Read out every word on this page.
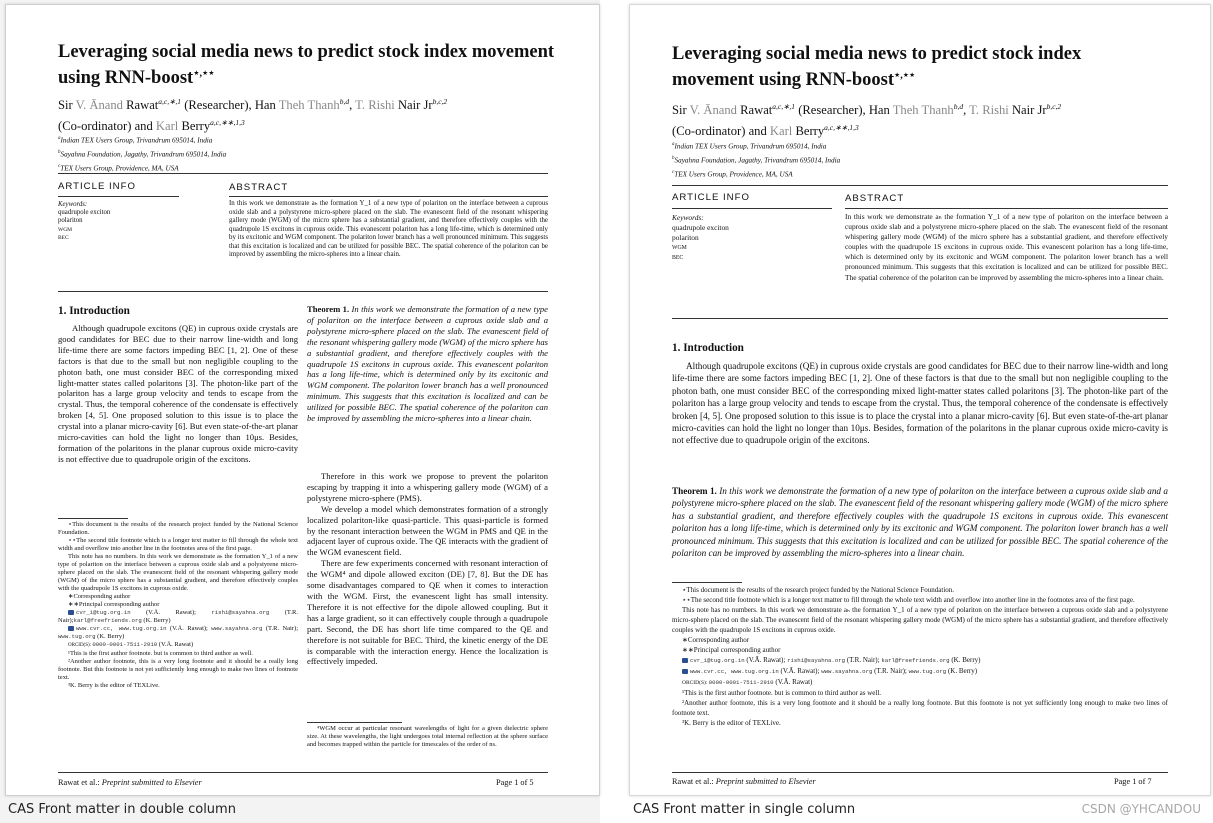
Leveraging social media news to predict stock index movement using RNN-boost⋆,⋆⋆
Sir V. Ānand Rawat$^{a,c,∗,1}$ (Researcher), Han Theh Thanh$^{b,d}$, T. Rishi Nair Jr$^{b,c,2}$
(Co-ordinator) and Karl Berry$^{a,c,∗∗,1,3}$
$^a$Indian TEX Users Group, Trivandrum 695014, India
$^b$Sayahna Foundation, Jagathy, Trivandrum 695014, India
$^c$TEX Users Group, Providence, MA, USA
ARTICLE INFO	ABSTRACT
Keywords:
quadrupole exciton
polariton
WGM
BEC
In this work we demonstrate aₕ the formation Y_1 of a new type of polariton on the interface between a cuprous oxide slab and a polystyrene micro-sphere placed on the slab. The evanescent field of the resonant whispering gallery mode (WGM) of the micro sphere has a substantial gradient, and therefore effectively couples with the quadrupole 1S excitons in cuprous oxide. This evanescent polariton has a long life-time, which is determined only by its excitonic and WGM component. The polariton lower branch has a well pronounced minimum. This suggests that this excitation is localized and can be utilized for possible BEC. The spatial coherence of the polariton can be improved by assembling the micro-spheres into a linear chain.
1. Introduction

Although quadrupole excitons (QE) in cuprous oxide crystals are good candidates for BEC due to their narrow line-width and long life-time there are some factors impeding BEC [1, 2]. One of these factors is that due to the small but non negligible coupling to the photon bath, one must consider BEC of the corresponding mixed light-matter states called polaritons [3]. The photon-like part of the polariton has a large group velocity and tends to escape from the crystal. Thus, the temporal coherence of the condensate is effectively broken [4, 5]. One proposed solution to this issue is to place the crystal into a planar micro-cavity [6]. But even state-of-the-art planar micro-cavities can hold the light no longer than 10μs. Besides, formation of the polaritons in the planar cuprous oxide micro-cavity is not effective due to quadrupole origin of the excitons.

⋆This document is the results of the research project funded by the National Science Foundation.
⋆⋆The second title footnote which is a longer text matter to fill through the whole text width and overflow into another line in the footnotes area of the first page.
This note has no numbers. In this work we demonstrate aₕ the formation Y_1 of a new type of polariton on the interface between a cuprous oxide slab and a polystyrene micro-sphere placed on the slab. The evanescent field of the resonant whispering gallery mode (WGM) of the micro sphere has a substantial gradient, and therefore effectively couples with the quadrupole 1S excitons in cuprous oxide.
∗Corresponding author
∗∗Principal corresponding author
cvr_1@tug.org.in (V.Ā. Rawat); rishi@sayahna.org (T.R. Nair);karl@freefriends.org (K. Berry)
www.cvr.cc, www.tug.org.in (V.Ā. Rawat); www.sayahna.org (T.R. Nair); www.tug.org (K. Berry)
ORCID(S): 0000-0001-7511-2910 (V.Ā. Rawat)
¹This is the first author footnote. but is common to third author as well.
²Another author footnote, this is a very long footnote and it should be a really long footnote. But this footnote is not yet sufficiently long enough to make two lines of footnote text.
³K. Berry is the editor of TEXLive.
Theorem 1. In this work we demonstrate the formation of a new type of polariton on the interface between a cuprous oxide slab and a polystyrene micro-sphere placed on the slab. The evanescent field of the resonant whispering gallery mode (WGM) of the micro sphere has a substantial gradient, and therefore effectively couples with the quadrupole 1S excitons in cuprous oxide. This evanescent polariton has a long life-time, which is determined only by its excitonic and WGM component. The polariton lower branch has a well pronounced minimum. This suggests that this excitation is localized and can be utilized for possible BEC. The spatial coherence of the polariton can be improved by assembling the micro-spheres into a linear chain.

Therefore in this work we propose to prevent the polariton escaping by trapping it into a whispering gallery mode (WGM) of a polystyrene micro-sphere (PMS).

We develop a model which demonstrates formation of a strongly localized polariton-like quasi-particle. This quasi-particle is formed by the resonant interaction between the WGM in PMS and QE in the adjacent layer of cuprous oxide. The QE interacts with the gradient of the WGM evanescent field.

There are few experiments concerned with resonant interaction of the WGM⁴ and dipole allowed exciton (DE) [7, 8]. But the DE has some disadvantages compared to QE when it comes to interaction with the WGM. First, the evanescent light has small intensity. Therefore it is not effective for the dipole allowed coupling. But it has a large gradient, so it can effectively couple through a quadrupole part. Second, the DE has short life time compared to the QE and therefore is not suitable for BEC. Third, the kinetic energy of the DE is comparable with the interaction energy. Hence the localization is effectively impeded.

⁴WGM occur at particular resonant wavelengths of light for a given dielectric sphere size. At these wavelengths, the light undergoes total internal reflection at the sphere surface and becomes trapped within the particle for timescales of the order of ns.
Rawat et al.: Preprint submitted to Elsevier	Page 1 of 5
CAS Front matter in double column
Leveraging social media news to predict stock index
movement using RNN-boost⋆,⋆⋆
Sir V. Ānand Rawat$^{a,c,∗,1}$ (Researcher), Han Theh Thanh$^{b,d}$, T. Rishi Nair Jr$^{b,c,2}$
(Co-ordinator) and Karl Berry$^{a,c,∗∗,1,3}$
$^a$Indian TEX Users Group, Trivandrum 695014, India
$^b$Sayahna Foundation, Jagathy, Trivandrum 695014, India
$^c$TEX Users Group, Providence, MA, USA
ARTICLE INFO	ABSTRACT
Keywords:
quadrupole exciton
polariton
WGM
BEC
In this work we demonstrate aₕ the formation Y_1 of a new type of polariton on the interface between a cuprous oxide slab and a polystyrene micro-sphere placed on the slab. The evanescent field of the resonant whispering gallery mode (WGM) of the micro sphere has a substantial gradient, and therefore effectively couples with the quadrupole 1S excitons in cuprous oxide. This evanescent polariton has a long life-time, which is determined only by its excitonic and WGM component. The polariton lower branch has a well pronounced minimum. This suggests that this excitation is localized and can be utilized for possible BEC. The spatial coherence of the polariton can be improved by assembling the micro-spheres into a linear chain.
1. Introduction

Although quadrupole excitons (QE) in cuprous oxide crystals are good candidates for BEC due to their narrow line-width and long life-time there are some factors impeding BEC [1, 2]. One of these factors is that due to the small but non negligible coupling to the photon bath, one must consider BEC of the corresponding mixed light-matter states called polaritons [3]. The photon-like part of the polariton has a large group velocity and tends to escape from the crystal. Thus, the temporal coherence of the condensate is effectively broken [4, 5]. One proposed solution to this issue is to place the crystal into a planar micro-cavity [6]. But even state-of-the-art planar micro-cavities can hold the light no longer than 10μs. Besides, formation of the polaritons in the planar cuprous oxide micro-cavity is not effective due to quadrupole origin of the excitons.

Theorem 1. In this work we demonstrate the formation of a new type of polariton on the interface between a cuprous oxide slab and a polystyrene micro-sphere placed on the slab. The evanescent field of the resonant whispering gallery mode (WGM) of the micro sphere has a substantial gradient, and therefore effectively couples with the quadrupole 1S excitons in cuprous oxide. This evanescent polariton has a long life-time, which is determined only by its excitonic and WGM component. The polariton lower branch has a well pronounced minimum. This suggests that this excitation is localized and can be utilized for possible BEC. The spatial coherence of the polariton can be improved by assembling the micro-spheres into a linear chain.
⋆This document is the results of the research project funded by the National Science Foundation.
⋆⋆The second title footnote which is a longer text matter to fill through the whole text width and overflow into another line in the footnotes area of the first page.
This note has no numbers. In this work we demonstrate aₕ the formation Y_1 of a new type of polariton on the interface between a cuprous oxide slab and a polystyrene micro-sphere placed on the slab. The evanescent field of the resonant whispering gallery mode (WGM) of the micro sphere has a substantial gradient, and therefore effectively couples with the quadrupole 1S excitons in cuprous oxide.
∗Corresponding author
∗∗Principal corresponding author
cvr_1@tug.org.in (V.Ā. Rawat); rishi@sayahna.org (T.R. Nair); karl@freefriends.org (K. Berry)
www.cvr.cc, www.tug.org.in (V.Ā. Rawat); www.sayahna.org (T.R. Nair); www.tug.org (K. Berry)
ORCID(S): 0000-0001-7511-2910 (V.Ā. Rawat)
¹This is the first author footnote. but is common to third author as well.
²Another author footnote, this is a very long footnote and it should be a really long footnote. But this footnote is not yet sufficiently long enough to make two lines of footnote text.
³K. Berry is the editor of TEXLive.
Rawat et al.: Preprint submitted to Elsevier	Page 1 of 7
CAS Front matter in single column	CSDN @YHCANDOU
